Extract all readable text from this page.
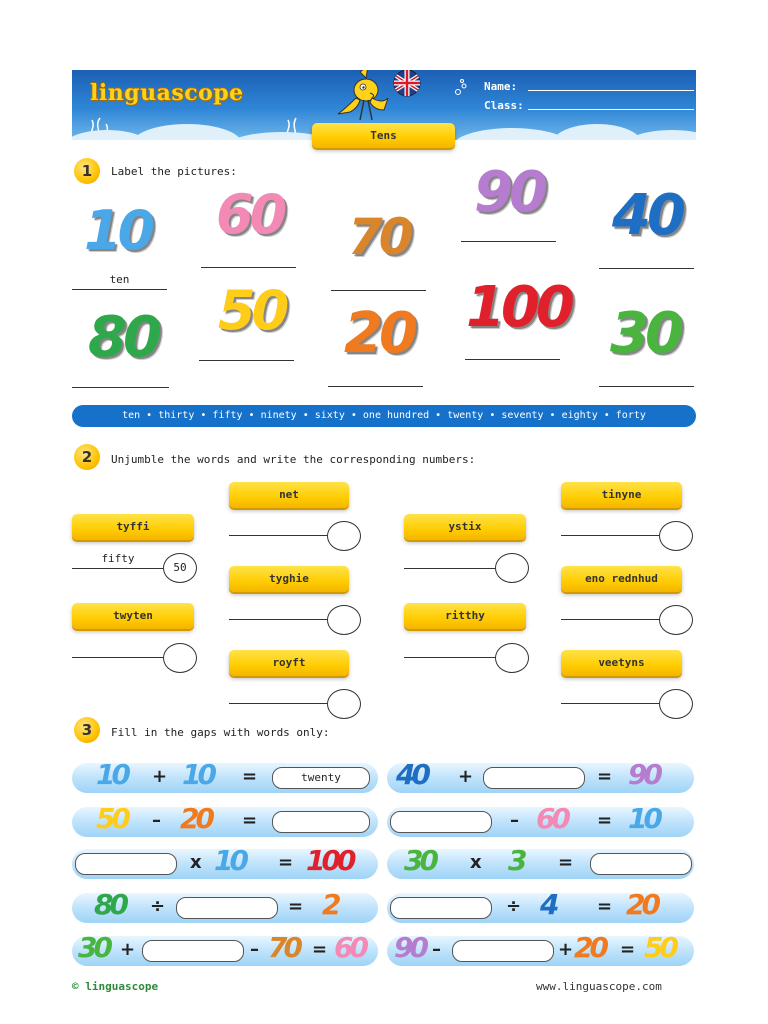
linguascope	Name:
Class:
Tens
1	Label the pictures:
10
ten
60 70
90 40
80 50 20 100 30
ten • thirty • fifty • ninety • sixty • one hundred • twenty • seventy • eighty • forty
2	Unjumble the words and write the corresponding numbers:
tyffi
fifty
50
twyten
net
tyghie
royft
ystix
ritthy
tinyne
eno rednhud
veetyns
3	Fill in the gaps with words only:
10 + 10 =	twenty	40 +	= 90
50 – 20 =	– 60 = 10
x 10 = 100 30 x 3 =
80 ÷	= 2	÷ 4 = 20
30 +	– 70 = 60 90 –	+ 20 = 50
© linguascope	www.linguascope.com
